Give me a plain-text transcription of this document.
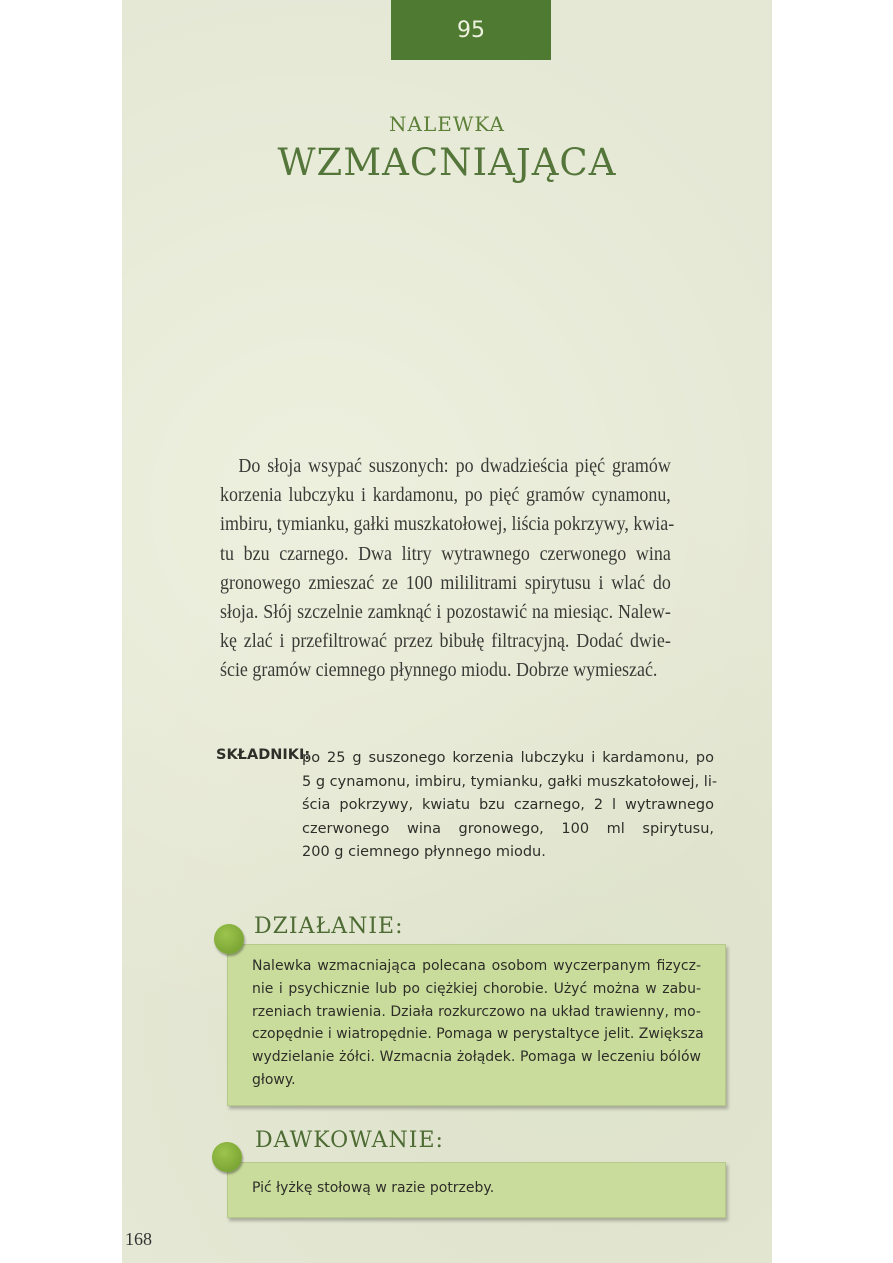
95
NALEWKA
WZMACNIAJĄCA
Do słoja wsypać suszonych: po dwadzieścia pięć gramów
korzenia lubczyku i kardamonu, po pięć gramów cynamonu,
imbiru, tymianku, gałki muszkatołowej, liścia pokrzywy, kwia-
tu bzu czarnego. Dwa litry wytrawnego czerwonego wina
gronowego zmieszać ze 100 mililitrami spirytusu i wlać do
słoja. Słój szczelnie zamknąć i pozostawić na miesiąc. Nalew-
kę zlać i przefiltrować przez bibułę filtracyjną. Dodać dwie-
ście gramów ciemnego płynnego miodu. Dobrze wymieszać.
SKŁADNIKI:
po 25 g suszonego korzenia lubczyku i kardamonu, po
5 g cynamonu, imbiru, tymianku, gałki muszkatołowej, li-
ścia pokrzywy, kwiatu bzu czarnego, 2 l wytrawnego
czerwonego wina gronowego, 100 ml spirytusu,
200 g ciemnego płynnego miodu.
DZIAŁANIE:
Nalewka wzmacniająca polecana osobom wyczerpanym fizycz-
nie i psychicznie lub po ciężkiej chorobie. Użyć można w zabu-
rzeniach trawienia. Działa rozkurczowo na układ trawienny, mo-
czopędnie i wiatropędnie. Pomaga w perystaltyce jelit. Zwiększa
wydzielanie żółci. Wzmacnia żołądek. Pomaga w leczeniu bólów
głowy.
DAWKOWANIE:
Pić łyżkę stołową w razie potrzeby.
168
